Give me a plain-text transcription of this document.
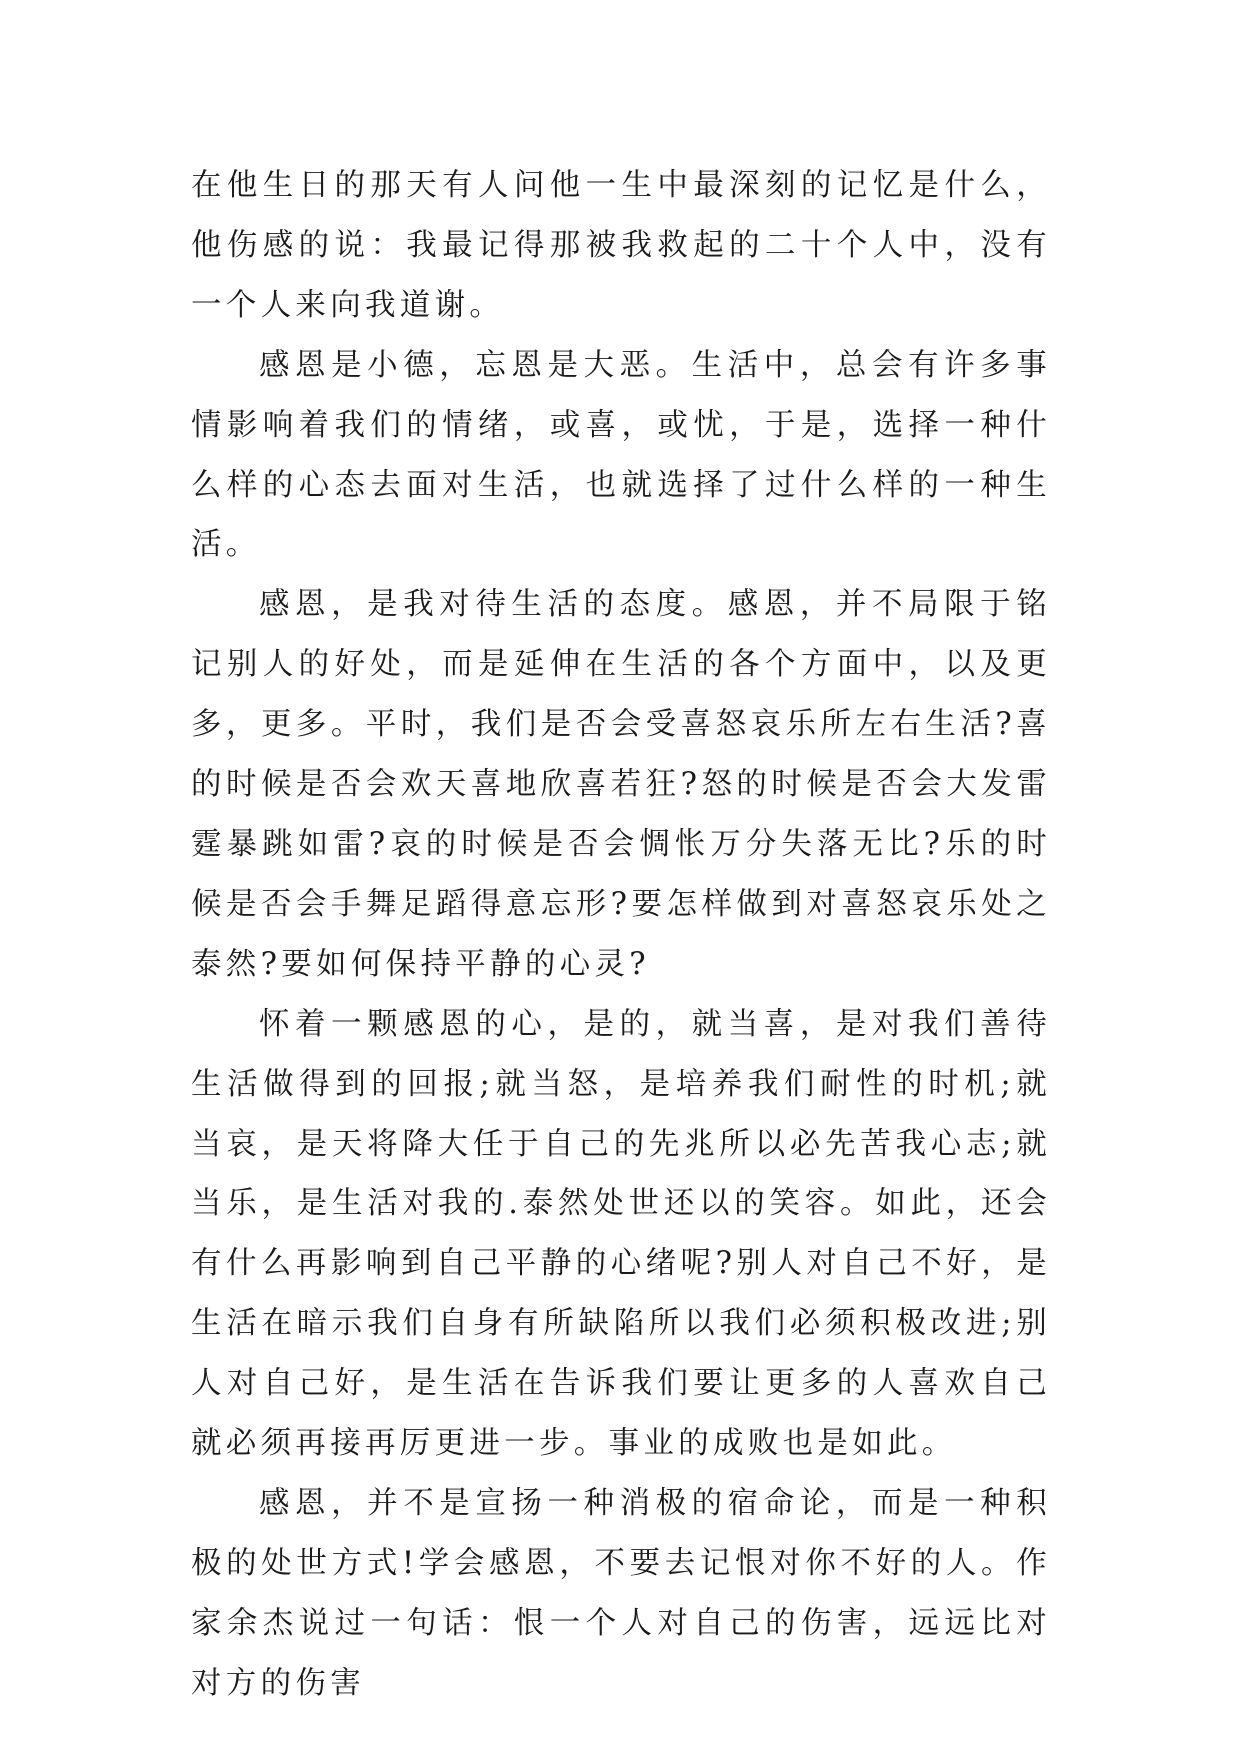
在他生日的那天有人问他一生中最深刻的记忆是什么，他伤感的说：我最记得那被我救起的二十个人中，没有一个人来向我道谢。

感恩是小德，忘恩是大恶。生活中，总会有许多事情影响着我们的情绪，或喜，或忧，于是，选择一种什么样的心态去面对生活，也就选择了过什么样的一种生活。

感恩，是我对待生活的态度。感恩，并不局限于铭记别人的好处，而是延伸在生活的各个方面中，以及更多，更多。平时，我们是否会受喜怒哀乐所左右生活?喜的时候是否会欢天喜地欣喜若狂?怒的时候是否会大发雷霆暴跳如雷?哀的时候是否会惆怅万分失落无比?乐的时候是否会手舞足蹈得意忘形?要怎样做到对喜怒哀乐处之泰然?要如何保持平静的心灵?

怀着一颗感恩的心，是的，就当喜，是对我们善待生活做得到的回报;就当怒，是培养我们耐性的时机;就当哀，是天将降大任于自己的先兆所以必先苦我心志;就当乐，是生活对我的.泰然处世还以的笑容。如此，还会有什么再影响到自己平静的心绪呢?别人对自己不好，是生活在暗示我们自身有所缺陷所以我们必须积极改进;别人对自己好，是生活在告诉我们要让更多的人喜欢自己就必须再接再厉更进一步。事业的成败也是如此。

感恩，并不是宣扬一种消极的宿命论，而是一种积极的处世方式!学会感恩，不要去记恨对你不好的人。作家余杰说过一句话：恨一个人对自己的伤害，远远比对对方的伤害
